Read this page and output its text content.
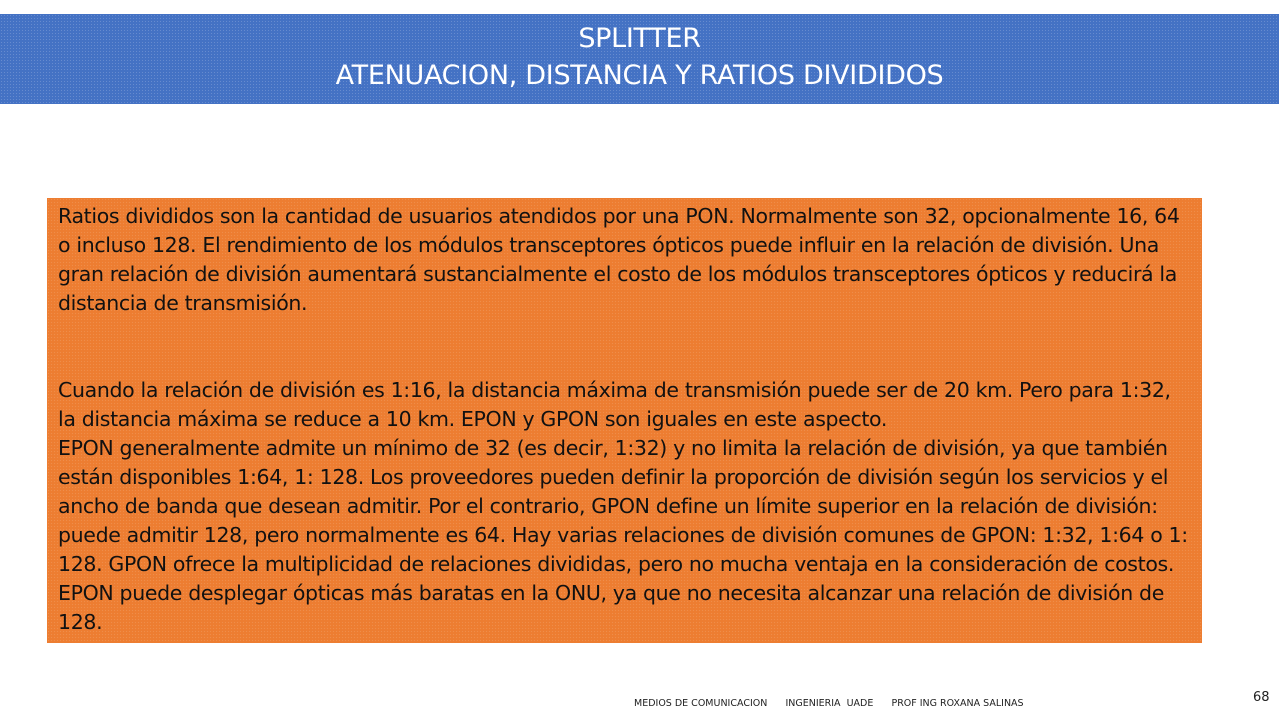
SPLITTER
ATENUACION, DISTANCIA Y RATIOS DIVIDIDOS

Ratios divididos son la cantidad de usuarios atendidos por una PON. Normalmente son 32, opcionalmente 16, 64 o incluso 128. El rendimiento de los módulos transceptores ópticos puede influir en la relación de división. Una gran relación de división aumentará sustancialmente el costo de los módulos transceptores ópticos y reducirá la distancia de transmisión.

Cuando la relación de división es 1:16, la distancia máxima de transmisión puede ser de 20 km. Pero para 1:32, la distancia máxima se reduce a 10 km. EPON y GPON son iguales en este aspecto.

EPON generalmente admite un mínimo de 32 (es decir, 1:32) y no limita la relación de división, ya que también están disponibles 1:64, 1: 128. Los proveedores pueden definir la proporción de división según los servicios y el ancho de banda que desean admitir. Por el contrario, GPON define un límite superior en la relación de división: puede admitir 128, pero normalmente es 64. Hay varias relaciones de división comunes de GPON: 1:32, 1:64 o 1: 128. GPON ofrece la multiplicidad de relaciones divididas, pero no mucha ventaja en la consideración de costos. EPON puede desplegar ópticas más baratas en la ONU, ya que no necesita alcanzar una relación de división de 128.

MEDIOS DE COMUNICACION      INGENIERIA  UADE      PROF ING ROXANA SALINAS	68
